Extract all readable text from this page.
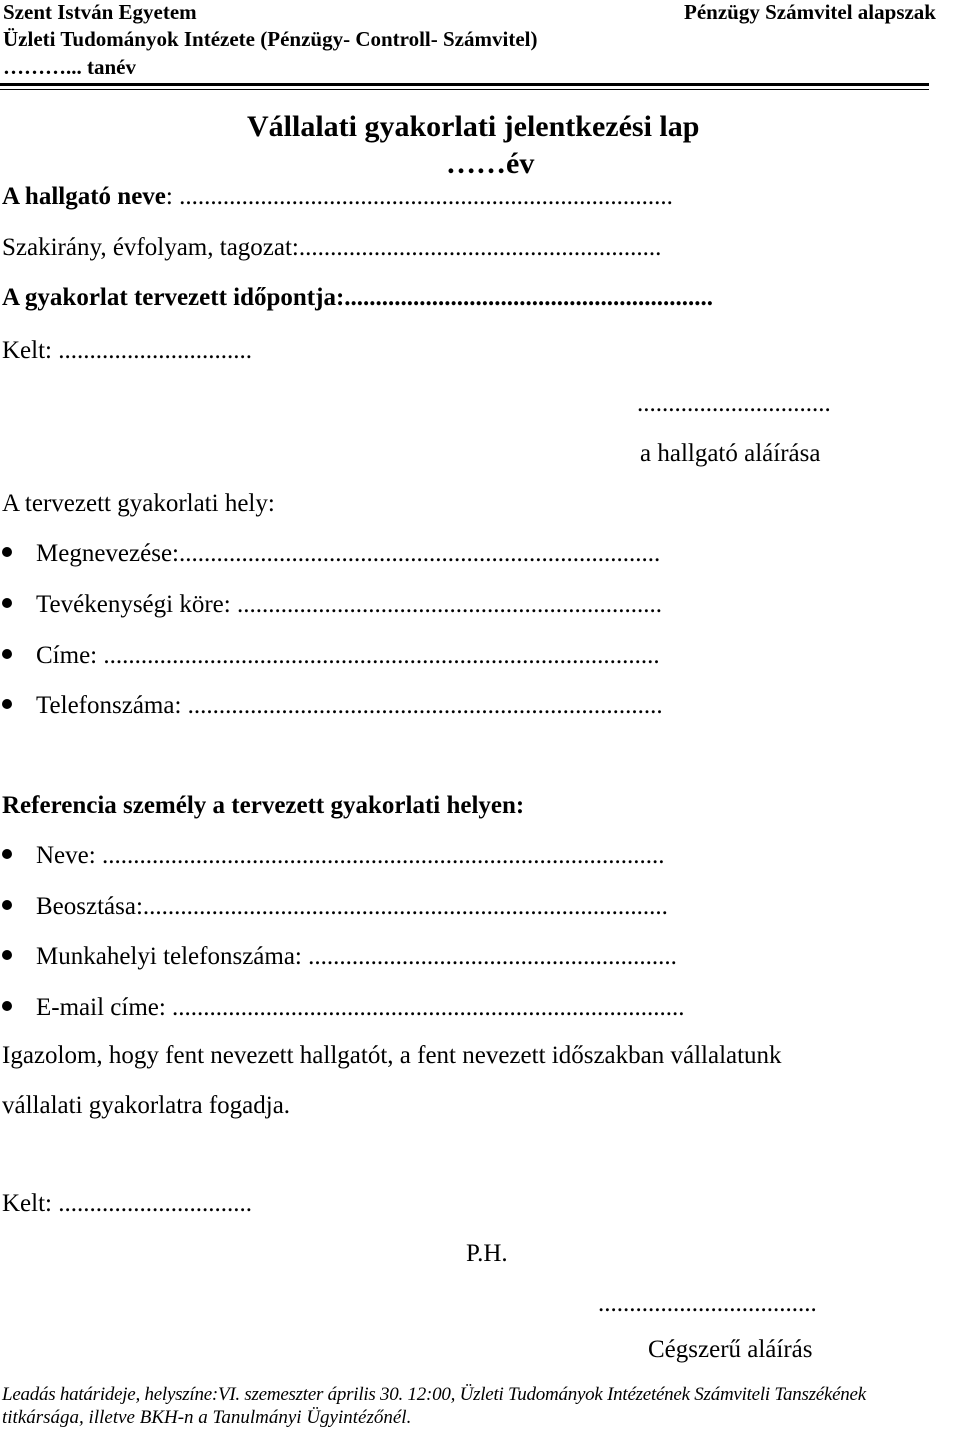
Szent István Egyetem	Pénzügy Számvitel alapszak
Üzleti Tudományok Intézete (Pénzügy- Controll- Számvitel)
………... tanév
Vállalati gyakorlati jelentkezési lap
……év
A hallgató neve: ...............................................................................
Szakirány, évfolyam, tagozat:..........................................................
A gyakorlat tervezett időpontja:...........................................................
Kelt: ...............................
...............................
a hallgató aláírása
A tervezett gyakorlati hely:
Megnevezése:.............................................................................
Tevékenységi köre: ....................................................................
Címe: .........................................................................................
Telefonszáma: ............................................................................
Referencia személy a tervezett gyakorlati helyen:
Neve: ..........................................................................................
Beosztása:....................................................................................
Munkahelyi telefonszáma: ...........................................................
E-mail címe: ..................................................................................
Igazolom, hogy fent nevezett hallgatót, a fent nevezett időszakban vállalatunk
vállalati gyakorlatra fogadja.
Kelt: ...............................
P.H.
...................................
Cégszerű aláírás
Leadás határideje, helyszíne:VI. szemeszter április 30. 12:00, Üzleti Tudományok Intézetének Számviteli Tanszékének
titkársága, illetve BKH-n a Tanulmányi Ügyintézőnél.
